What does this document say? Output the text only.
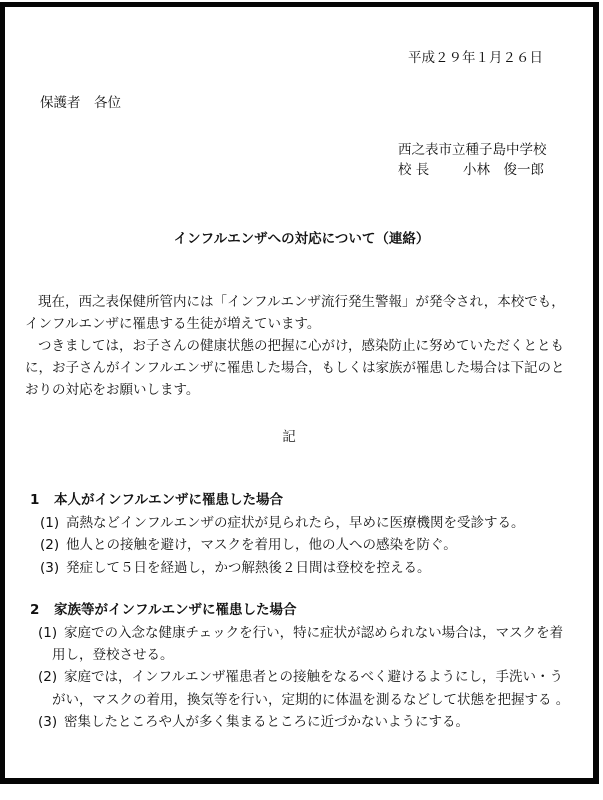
平成２９年１月２６日
保護者　各位
西之表市立種子島中学校
校 長 小林　俊一郎
インフルエンザへの対応について（連絡）
現在，西之表保健所管内には「インフルエンザ流行発生警報」が発令され，本校でも，
インフルエンザに罹患する生徒が増えています。
つきましては，お子さんの健康状態の把握に心がけ，感染防止に努めていただくととも
に，お子さんがインフルエンザに罹患した場合，もしくは家族が罹患した場合は下記のと
おりの対応をお願いします。
記
1 本人がインフルエンザに罹患した場合
(1) 高熱などインフルエンザの症状が見られたら，早めに医療機関を受診する。
(2) 他人との接触を避け，マスクを着用し，他の人への感染を防ぐ。
(3) 発症して５日を経過し，かつ解熱後２日間は登校を控える。
2 家族等がインフルエンザに罹患した場合
(1) 家庭での入念な健康チェックを行い，特に症状が認められない場合は，マスクを着
用し，登校させる。
(2) 家庭では，インフルエンザ罹患者との接触をなるべく避けるようにし，手洗い・う
がい，マスクの着用，換気等を行い，定期的に体温を測るなどして状態を把握する 。
(3) 密集したところや人が多く集まるところに近づかないようにする。
